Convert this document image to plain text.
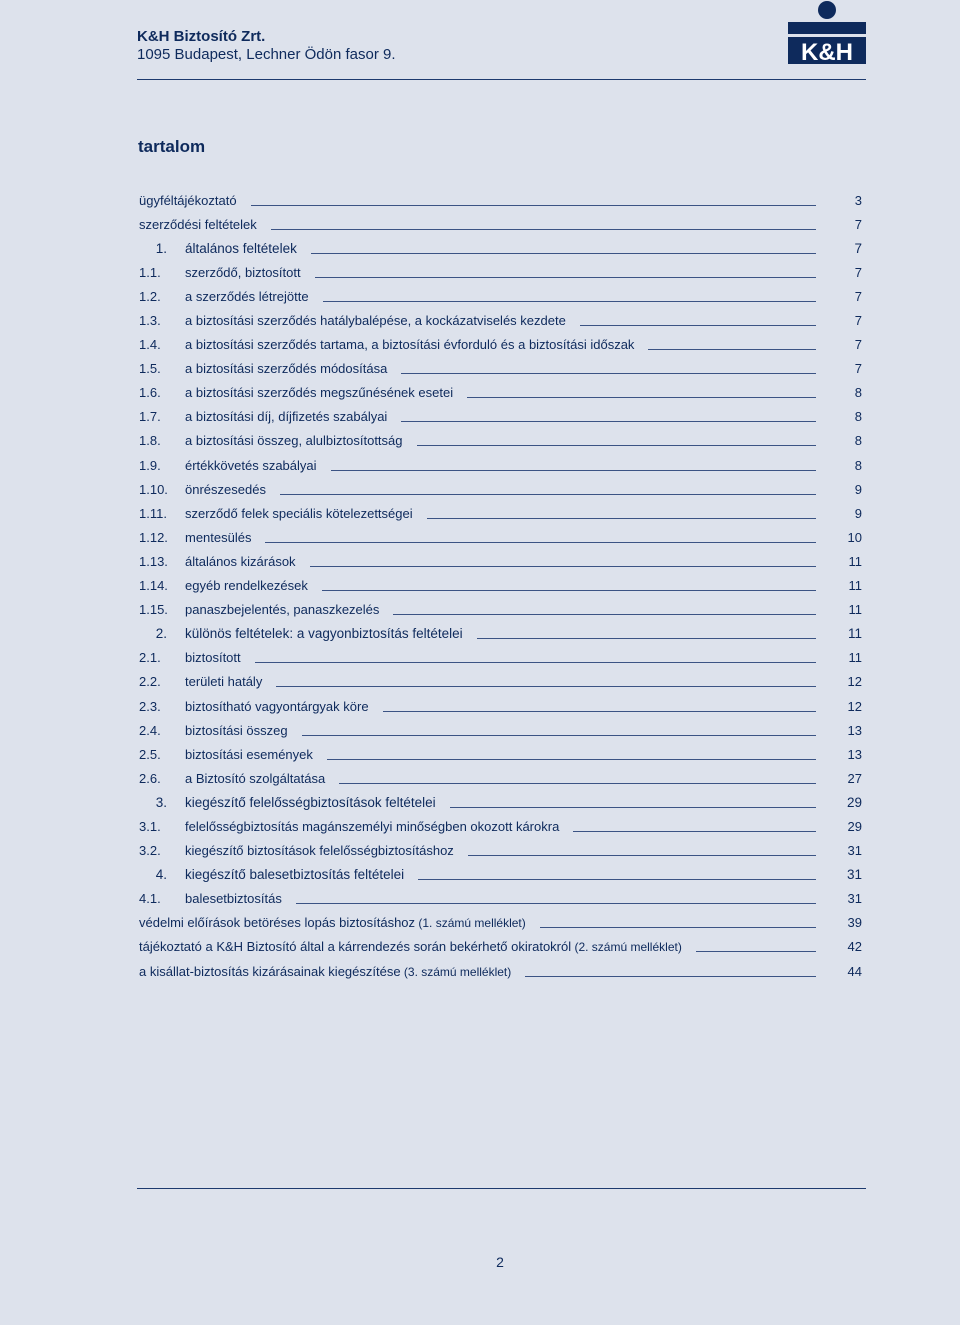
K&H Biztosító Zrt.
1095 Budapest, Lechner Ödön fasor 9.	K&H
tartalom
ügyféltájékoztató	3
szerződési feltételek	7
1. általános feltételek	7
1.1.	szerződő, biztosított	7
1.2.	a szerződés létrejötte	7
1.3.	a biztosítási szerződés hatálybalépése, a kockázatviselés kezdete	7
1.4.	a biztosítási szerződés tartama, a biztosítási évforduló és a biztosítási időszak	7
1.5.	a biztosítási szerződés módosítása	7
1.6.	a biztosítási szerződés megszűnésének esetei	8
1.7.	a biztosítási díj, díjfizetés szabályai	8
1.8.	a biztosítási összeg, alulbiztosítottság	8
1.9.	értékkövetés szabályai	8
1.10. önrészesedés	9
1.11. szerződő felek speciális kötelezettségei	9
1.12. mentesülés	10
1.13. általános kizárások	11
1.14. egyéb rendelkezések	11
1.15. panaszbejelentés, panaszkezelés	11
2. különös feltételek: a vagyonbiztosítás feltételei	11
2.1.	biztosított	11
2.2.	területi hatály	12
2.3.	biztosítható vagyontárgyak köre	12
2.4.	biztosítási összeg	13
2.5.	biztosítási események	13
2.6.	a Biztosító szolgáltatása	27
3. kiegészítő felelősségbiztosítások feltételei	29
3.1.	felelősségbiztosítás magánszemélyi minőségben okozott károkra	29
3.2.	kiegészítő biztosítások felelősségbiztosításhoz	31
4. kiegészítő balesetbiztosítás feltételei	31
4.1.	balesetbiztosítás	31
védelmi előírások betöréses lopás biztosításhoz (1. számú melléklet)	39
tájékoztató a K&H Biztosító által a kárrendezés során bekérhető okiratokról (2. számú melléklet)	42
a kisállat-biztosítás kizárásainak kiegészítése (3. számú melléklet)	44
2
